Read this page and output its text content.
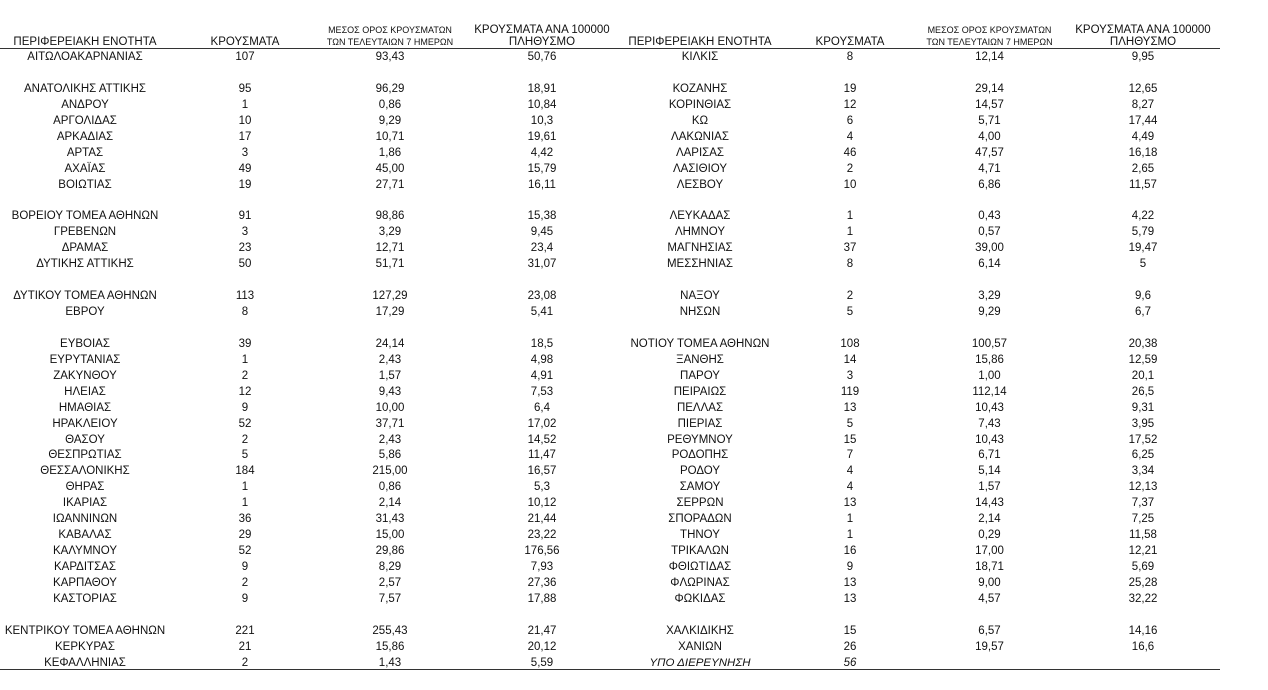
ΠΕΡΙΦΕΡΕΙΑΚΗ ΕΝΟΤΗΤΑ	ΚΡΟΥΣΜΑΤΑ
ΜΕΣΟΣ ΟΡΟΣ ΚΡΟΥΣΜΑΤΩΝ
ΤΩΝ ΤΕΛΕΥΤΑΙΩΝ 7 ΗΜΕΡΩΝ
ΚΡΟΥΣΜΑΤΑ ΑΝΑ 100000
ΠΛΗΘΥΣΜΟ
ΑΙΤΩΛΟΑΚΑΡΝΑΝΙΑΣ	107	93,43	50,76
ΑΝΑΤΟΛΙΚΗΣ ΑΤΤΙΚΗΣ	95	96,29	18,91
ΑΝΔΡΟΥ	1	0,86	10,84
ΑΡΓΟΛΙΔΑΣ	10	9,29	10,3
ΑΡΚΑΔΙΑΣ	17	10,71	19,61
ΑΡΤΑΣ	3	1,86	4,42
ΑΧΑΪΑΣ	49	45,00	15,79
ΒΟΙΩΤΙΑΣ	19	27,71	16,11
ΒΟΡΕΙΟΥ ΤΟΜΕΑ ΑΘΗΝΩΝ	91	98,86	15,38
ΓΡΕΒΕΝΩΝ	3	3,29	9,45
ΔΡΑΜΑΣ	23	12,71	23,4
ΔΥΤΙΚΗΣ ΑΤΤΙΚΗΣ	50	51,71	31,07
ΔΥΤΙΚΟΥ ΤΟΜΕΑ ΑΘΗΝΩΝ	113	127,29	23,08
ΕΒΡΟΥ	8	17,29	5,41
ΕΥΒΟΙΑΣ	39	24,14	18,5
ΕΥΡΥΤΑΝΙΑΣ	1	2,43	4,98
ΖΑΚΥΝΘΟΥ	2	1,57	4,91
ΗΛΕΙΑΣ	12	9,43	7,53
ΗΜΑΘΙΑΣ	9	10,00	6,4
ΗΡΑΚΛΕΙΟΥ	52	37,71	17,02
ΘΑΣΟΥ	2	2,43	14,52
ΘΕΣΠΡΩΤΙΑΣ	5	5,86	11,47
ΘΕΣΣΑΛΟΝΙΚΗΣ	184	215,00	16,57
ΘΗΡΑΣ	1	0,86	5,3
ΙΚΑΡΙΑΣ	1	2,14	10,12
ΙΩΑΝΝΙΝΩΝ	36	31,43	21,44
ΚΑΒΑΛΑΣ	29	15,00	23,22
ΚΑΛΥΜΝΟΥ	52	29,86	176,56
ΚΑΡΔΙΤΣΑΣ	9	8,29	7,93
ΚΑΡΠΑΘΟΥ	2	2,57	27,36
ΚΑΣΤΟΡΙΑΣ	9	7,57	17,88
ΚΕΝΤΡΙΚΟΥ ΤΟΜΕΑ ΑΘΗΝΩΝ	221	255,43	21,47
ΚΕΡΚΥΡΑΣ	21	15,86	20,12
ΚΕΦΑΛΛΗΝΙΑΣ	2	1,43	5,59
ΠΕΡΙΦΕΡΕΙΑΚΗ ΕΝΟΤΗΤΑ	ΚΡΟΥΣΜΑΤΑ
ΜΕΣΟΣ ΟΡΟΣ ΚΡΟΥΣΜΑΤΩΝ
ΤΩΝ ΤΕΛΕΥΤΑΙΩΝ 7 ΗΜΕΡΩΝ
ΚΡΟΥΣΜΑΤΑ ΑΝΑ 100000
ΠΛΗΘΥΣΜΟ
ΚΙΛΚΙΣ	8	12,14	9,95
ΚΟΖΑΝΗΣ	19	29,14	12,65
ΚΟΡΙΝΘΙΑΣ	12	14,57	8,27
ΚΩ	6	5,71	17,44
ΛΑΚΩΝΙΑΣ	4	4,00	4,49
ΛΑΡΙΣΑΣ	46	47,57	16,18
ΛΑΣΙΘΙΟΥ	2	4,71	2,65
ΛΕΣΒΟΥ	10	6,86	11,57
ΛΕΥΚΑΔΑΣ	1	0,43	4,22
ΛΗΜΝΟΥ	1	0,57	5,79
ΜΑΓΝΗΣΙΑΣ	37	39,00	19,47
ΜΕΣΣΗΝΙΑΣ	8	6,14	5
ΝΑΞΟΥ	2	3,29	9,6
ΝΗΣΩΝ	5	9,29	6,7
ΝΟΤΙΟΥ ΤΟΜΕΑ ΑΘΗΝΩΝ	108	100,57	20,38
ΞΑΝΘΗΣ	14	15,86	12,59
ΠΑΡΟΥ	3	1,00	20,1
ΠΕΙΡΑΙΩΣ	119	112,14	26,5
ΠΕΛΛΑΣ	13	10,43	9,31
ΠΙΕΡΙΑΣ	5	7,43	3,95
ΡΕΘΥΜΝΟΥ	15	10,43	17,52
ΡΟΔΟΠΗΣ	7	6,71	6,25
ΡΟΔΟΥ	4	5,14	3,34
ΣΑΜΟΥ	4	1,57	12,13
ΣΕΡΡΩΝ	13	14,43	7,37
ΣΠΟΡΑΔΩΝ	1	2,14	7,25
ΤΗΝΟΥ	1	0,29	11,58
ΤΡΙΚΑΛΩΝ	16	17,00	12,21
ΦΘΙΩΤΙΔΑΣ	9	18,71	5,69
ΦΛΩΡΙΝΑΣ	13	9,00	25,28
ΦΩΚΙΔΑΣ	13	4,57	32,22
ΧΑΛΚΙΔΙΚΗΣ	15	6,57	14,16
ΧΑΝΙΩΝ	26	19,57	16,6
ΥΠΟ ΔΙΕΡΕΥΝΗΣΗ	56
